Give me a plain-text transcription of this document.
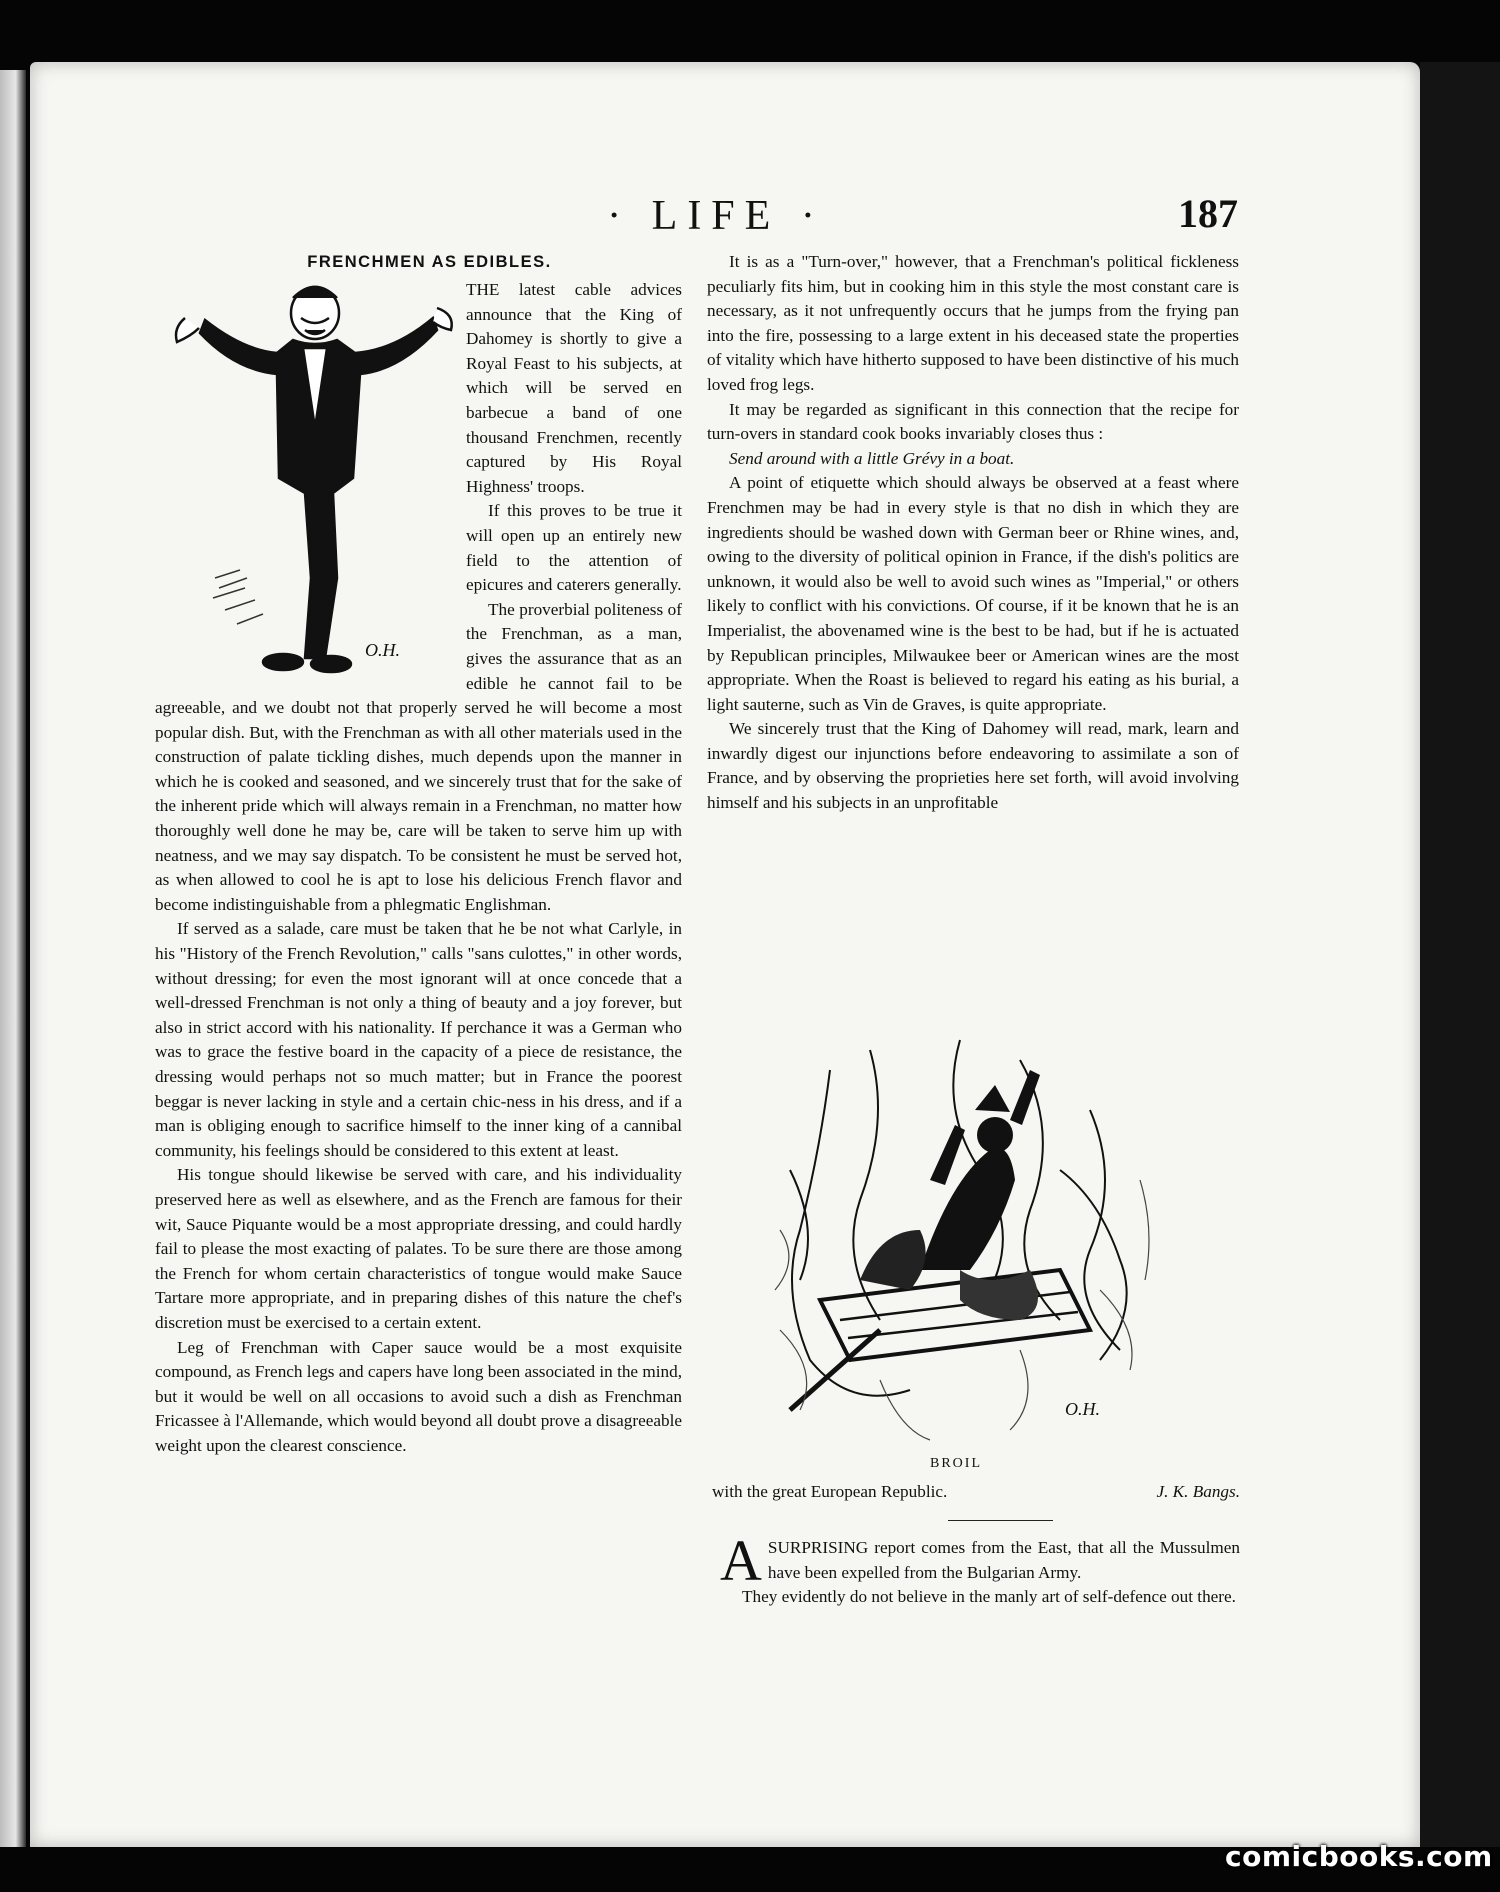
· LIFE ·	187
FRENCHMEN AS EDIBLES.
O.H.

THE latest cable advices announce that the King of Dahomey is shortly to give a Royal Feast to his subjects, at which will be served en barbecue a band of one thousand Frenchmen, recently captured by His Royal Highness' troops.

If this proves to be true it will open up an entirely new field to the attention of epicures and caterers generally.

The proverbial politeness of the Frenchman, as a man, gives the assurance that as an edible he cannot fail to be agreeable, and we doubt not that properly served he will become a most popular dish. But, with the Frenchman as with all other materials used in the construction of palate tickling dishes, much depends upon the manner in which he is cooked and seasoned, and we sincerely trust that for the sake of the inherent pride which will always remain in a Frenchman, no matter how thoroughly well done he may be, care will be taken to serve him up with neatness, and we may say dispatch. To be consistent he must be served hot, as when allowed to cool he is apt to lose his delicious French flavor and become indistinguishable from a phlegmatic Englishman.

If served as a salade, care must be taken that he be not what Carlyle, in his "History of the French Revolution," calls "sans culottes," in other words, without dressing; for even the most ignorant will at once concede that a well-dressed Frenchman is not only a thing of beauty and a joy forever, but also in strict accord with his nationality. If perchance it was a German who was to grace the festive board in the capacity of a piece de resistance, the dressing would perhaps not so much matter; but in France the poorest beggar is never lacking in style and a certain chic-ness in his dress, and if a man is obliging enough to sacrifice himself to the inner king of a cannibal community, his feelings should be considered to this extent at least.

His tongue should likewise be served with care, and his individuality preserved here as well as elsewhere, and as the French are famous for their wit, Sauce Piquante would be a most appropriate dressing, and could hardly fail to please the most exacting of palates. To be sure there are those among the French for whom certain characteristics of tongue would make Sauce Tartare more appropriate, and in preparing dishes of this nature the chef's discretion must be exercised to a certain extent.

Leg of Frenchman with Caper sauce would be a most exquisite compound, as French legs and capers have long been associated in the mind, but it would be well on all occasions to avoid such a dish as Frenchman Fricassee à l'Allemande, which would beyond all doubt prove a disagreeable weight upon the clearest conscience.

It is as a "Turn-over," however, that a Frenchman's political fickleness peculiarly fits him, but in cooking him in this style the most constant care is necessary, as it not unfrequently occurs that he jumps from the frying pan into the fire, possessing to a large extent in his deceased state the properties of vitality which have hitherto supposed to have been distinctive of his much loved frog legs.

It may be regarded as significant in this connection that the recipe for turn-overs in standard cook books invariably closes thus :

Send around with a little Grévy in a boat.

A point of etiquette which should always be observed at a feast where Frenchmen may be had in every style is that no dish in which they are ingredients should be washed down with German beer or Rhine wines, and, owing to the diversity of political opinion in France, if the dish's politics are unknown, it would also be well to avoid such wines as "Imperial," or others likely to conflict with his convictions. Of course, if it be known that he is an Imperialist, the abovenamed wine is the best to be had, but if he is actuated by Republican principles, Milwaukee beer or American wines are the most appropriate. When the Roast is believed to regard his eating as his burial, a light sauterne, such as Vin de Graves, is quite appropriate.

We sincerely trust that the King of Dahomey will read, mark, learn and inwardly digest our injunctions before endeavoring to assimilate a son of France, and by observing the proprieties here set forth, will avoid involving himself and his subjects in an unprofitable

O.H.
BROIL
with the great European Republic.	J. K. Bangs.

A SURPRISING report comes from the East, that all the Mussulmen have been expelled from the Bulgarian Army.

They evidently do not believe in the manly art of self-defence out there.

comicbooks.com
